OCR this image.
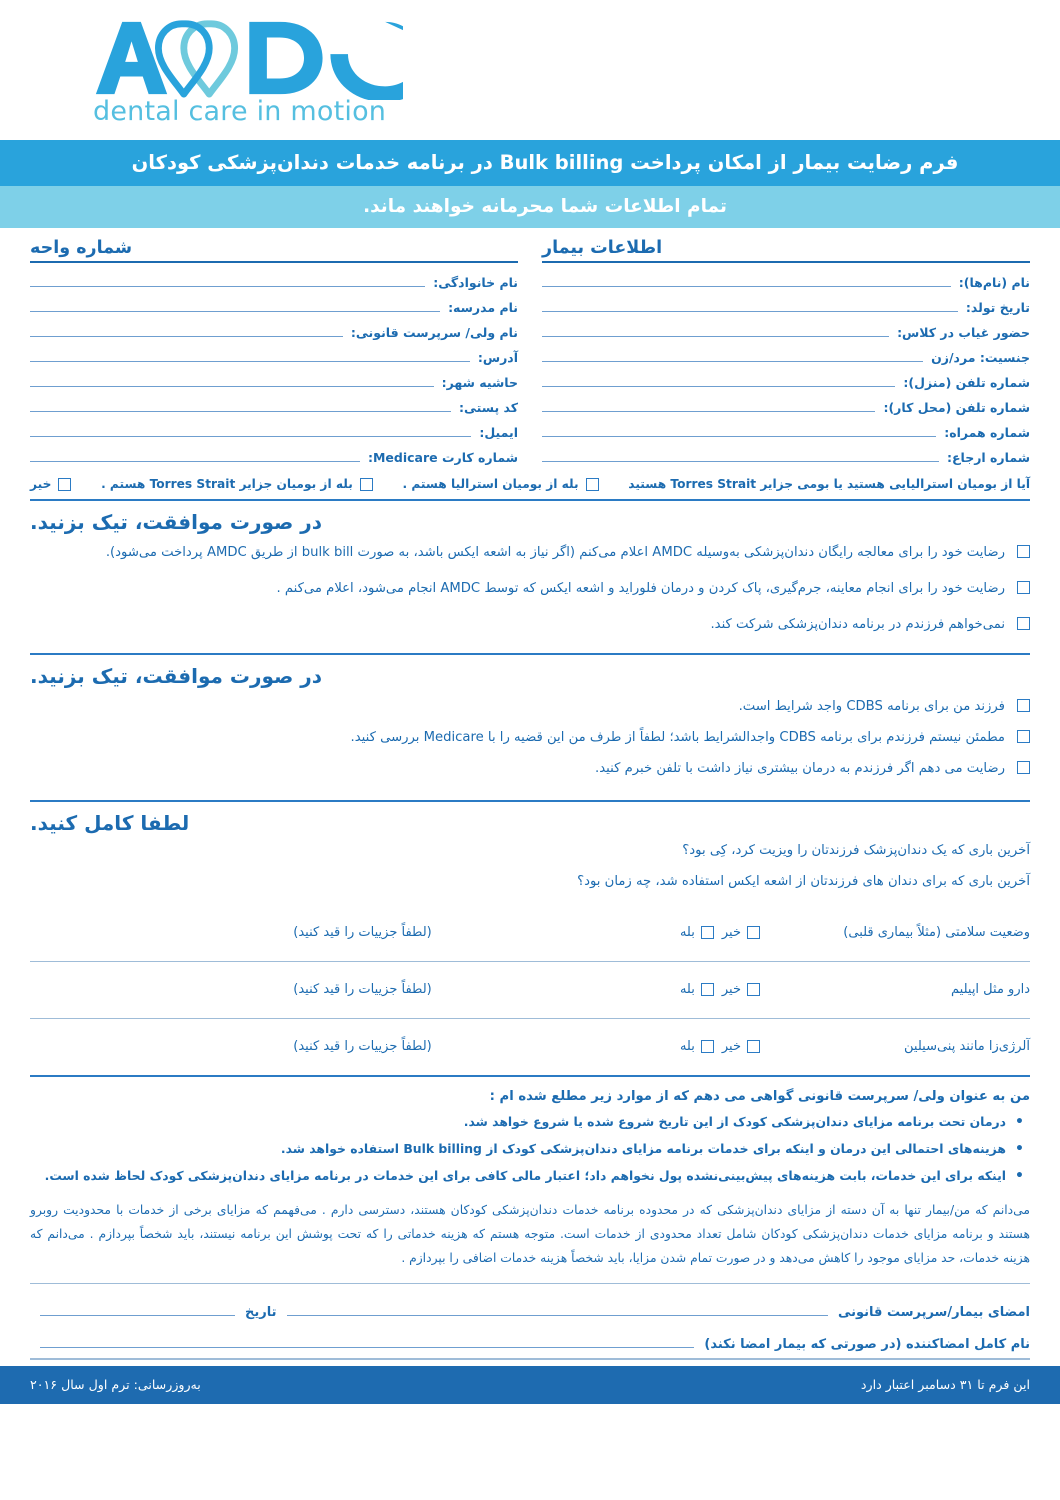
dental care in motion
فرم رضایت بیمار از امکان پرداخت Bulk billing در برنامه خدمات دندان‌پزشکی کودکان
تمام اطلاعات شما محرمانه خواهند ماند.
اطلاعات بیمار
نام (نام‌ها):
تاریخ تولد:
حضور غیاب در کلاس:
جنسیت: مرد/زن
شماره تلفن (منزل):
شماره تلفن (محل کار):
شماره همراه:
شماره ارجاع:
شماره واحه
نام خانوادگی:
نام مدرسه:
نام ولی/ سرپرست قانونی:
آدرس:
حاشیه شهر:
کد پستی:
ایمیل:
شماره کارت Medicare:
آیا از بومیان استرالیایی هستید یا بومی جزایر Torres Strait هستید
بله از بومیان استرالیا هستم .
بله از بومیان جزایر Torres Strait هستم .
خیر
در صورت موافقت، تیک بزنید.
رضایت خود را برای معالجه رایگان دندان‌پزشکی به‌وسیله AMDC اعلام می‌کنم (اگر نیاز به اشعه ایکس باشد، به صورت bulk bill از طریق AMDC پرداخت می‌شود).
رضایت خود را برای انجام معاینه، جرم‌گیری، پاک کردن و درمان فلوراید و اشعه ایکس که توسط AMDC انجام می‌شود، اعلام می‌کنم .
نمی‌خواهم فرزندم در برنامه دندان‌پزشکی شرکت کند.
در صورت موافقت، تیک بزنید.
فرزند من برای برنامه CDBS واجد شرایط است.
مطمئن نیستم فرزندم برای برنامه CDBS واجدالشرایط باشد؛ لطفاً از طرف من این قضیه را با Medicare بررسی کنید.
رضایت می دهم اگر فرزندم به درمان بیشتری نیاز داشت با تلفن خبرم کنید.
لطفا کامل کنید.
آخرین باری که یک دندان‌پزشک فرزندتان را ویزیت کرد، کِی بود؟
آخرین باری که برای دندان های فرزندتان از اشعه ایکس استفاده شد، چه زمان بود؟
وضعیت سلامتی (مثلاً بیماری قلبی)
خیر
بله
(لطفاً جزییات را قید کنید)
دارو مثل اپیلیم
خیر
بله
(لطفاً جزییات را قید کنید)
آلرژی‌زا مانند پنی‌سیلین
خیر
بله
(لطفاً جزییات را قید کنید)
من به عنوان ولی/ سرپرست قانونی گواهی می دهم که از موارد زیر مطلع شده ام :
• درمان تحت برنامه مزایای دندان‌پزشکی کودک از این تاریخ شروع شده یا شروع خواهد شد.
• هزینه‌های احتمالی این درمان و اینکه برای خدمات برنامه مزایای دندان‌پزشکی کودک از Bulk billing استفاده خواهد شد.
• اینکه برای این خدمات، بابت هزینه‌های پیش‌بینی‌نشده پول نخواهم داد؛ اعتبار مالی کافی برای این خدمات در برنامه مزایای دندان‌پزشکی کودک لحاظ شده است.
می‌دانم که من/بیمار تنها به آن دسته از مزایای دندان‌پزشکی که در محدوده برنامه خدمات دندان‌پزشکی کودکان هستند، دسترسی دارم . می‌فهمم که مزایای برخی از خدمات با محدودیت روبرو هستند و برنامه مزایای خدمات دندان‌پزشکی کودکان شامل تعداد محدودی از خدمات است. متوجه هستم که هزینه خدماتی را که تحت پوشش این برنامه نیستند، باید شخصاً بپردازم . می‌دانم که هزینه خدمات، حد مزایای موجود را کاهش می‌دهد و در صورت تمام شدن مزایا، باید شخصاً هزینه خدمات اضافی را بپردازم .
امضای بیمار/سرپرست قانونی
تاریخ
نام کامل امضاکننده (در صورتی که بیمار امضا نکند)
این فرم تا ۳۱ دسامبر اعتبار دارد
به‌روزرسانی: ترم اول سال ۲۰۱۶
